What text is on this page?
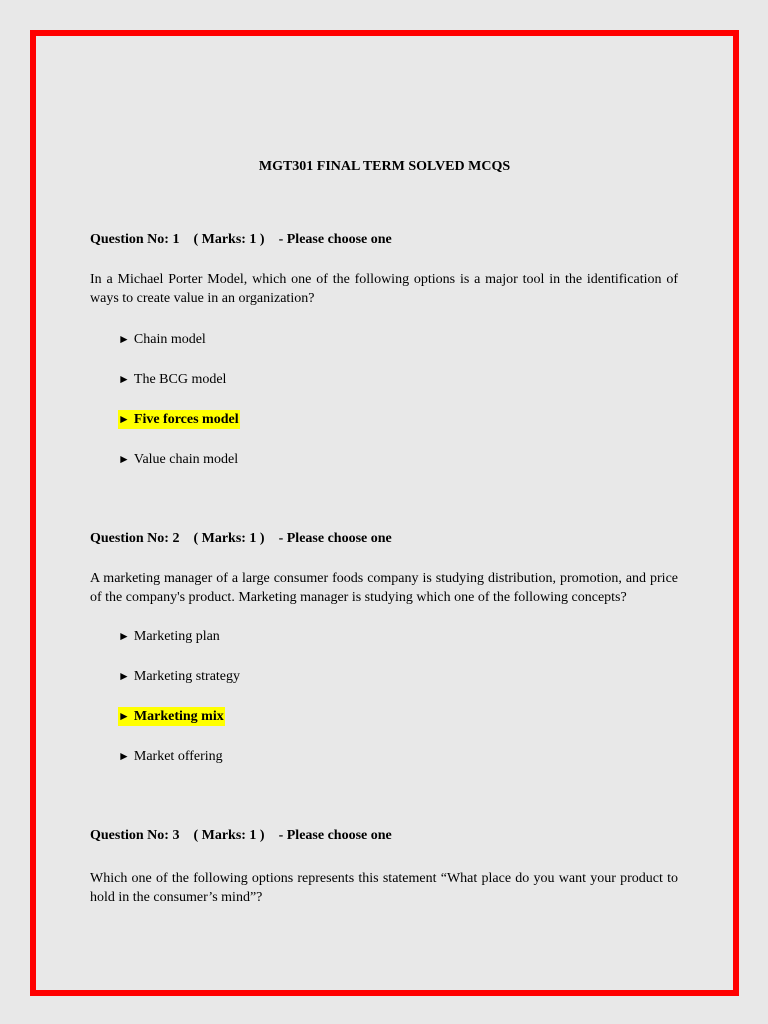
MGT301 FINAL TERM SOLVED MCQS

Question No: 1    ( Marks: 1 )    - Please choose one

In a Michael Porter Model, which one of the following options is a major tool in the identification of ways to create value in an organization?

► Chain model
► The BCG model
► Five forces model
► Value chain model

Question No: 2    ( Marks: 1 )    - Please choose one

A marketing manager of a large consumer foods company is studying distribution, promotion, and price of the company's product. Marketing manager is studying which one of the following concepts?

► Marketing plan
► Marketing strategy
► Marketing mix
► Market offering

Question No: 3    ( Marks: 1 )    - Please choose one

Which one of the following options represents this statement “What place do you want your product to hold in the consumer’s mind”?
